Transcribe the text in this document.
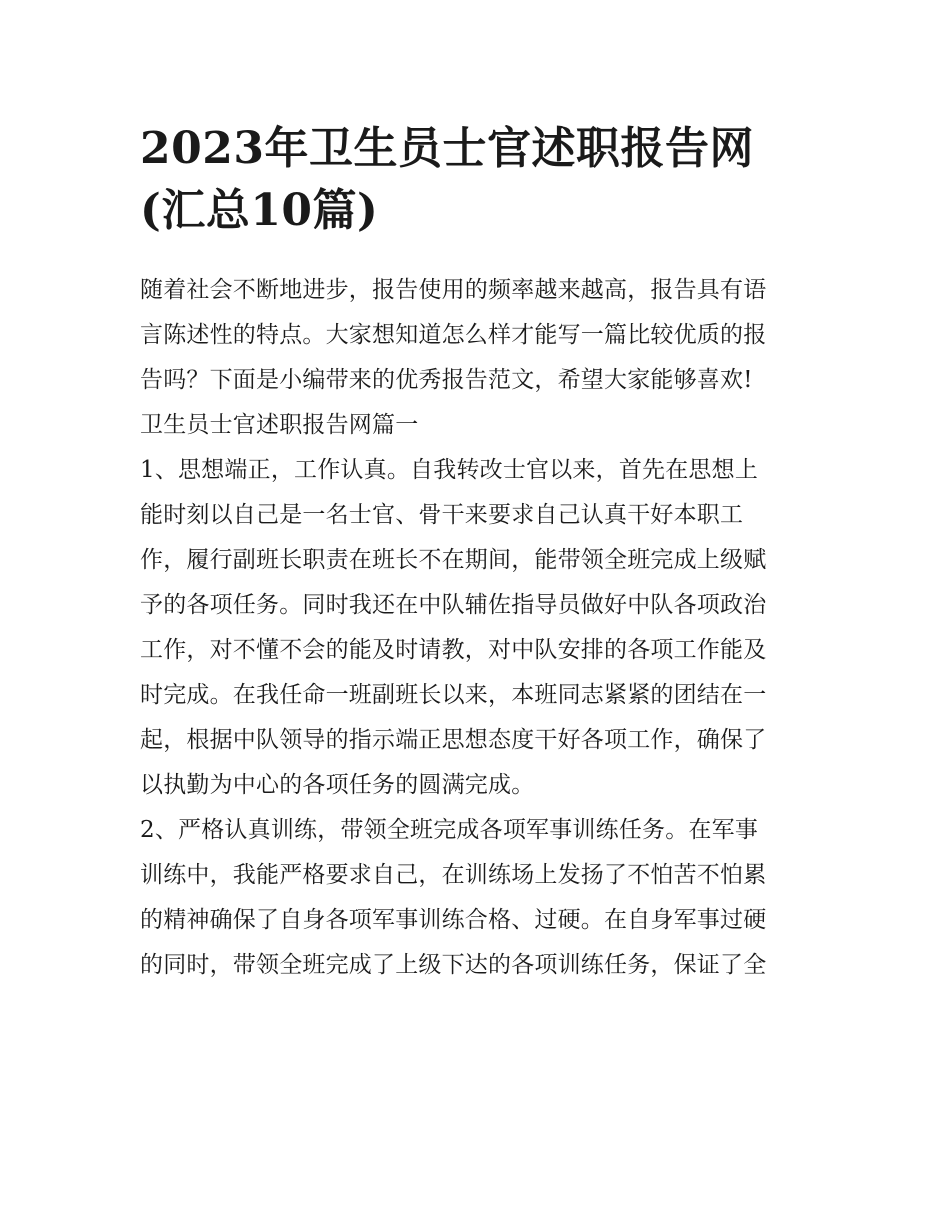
2023年卫生员士官述职报告网
(汇总10篇)
随着社会不断地进步，报告使用的频率越来越高，报告具有语
言陈述性的特点。大家想知道怎么样才能写一篇比较优质的报
告吗？下面是小编带来的优秀报告范文，希望大家能够喜欢!
卫生员士官述职报告网篇一
1、思想端正，工作认真。自我转改士官以来，首先在思想上
能时刻以自己是一名士官、骨干来要求自己认真干好本职工
作，履行副班长职责在班长不在期间，能带领全班完成上级赋
予的各项任务。同时我还在中队辅佐指导员做好中队各项政治
工作，对不懂不会的能及时请教，对中队安排的各项工作能及
时完成。在我任命一班副班长以来，本班同志紧紧的团结在一
起，根据中队领导的指示端正思想态度干好各项工作，确保了
以执勤为中心的各项任务的圆满完成。
2、严格认真训练，带领全班完成各项军事训练任务。在军事
训练中，我能严格要求自己，在训练场上发扬了不怕苦不怕累
的精神确保了自身各项军事训练合格、过硬。在自身军事过硬
的同时，带领全班完成了上级下达的各项训练任务，保证了全
